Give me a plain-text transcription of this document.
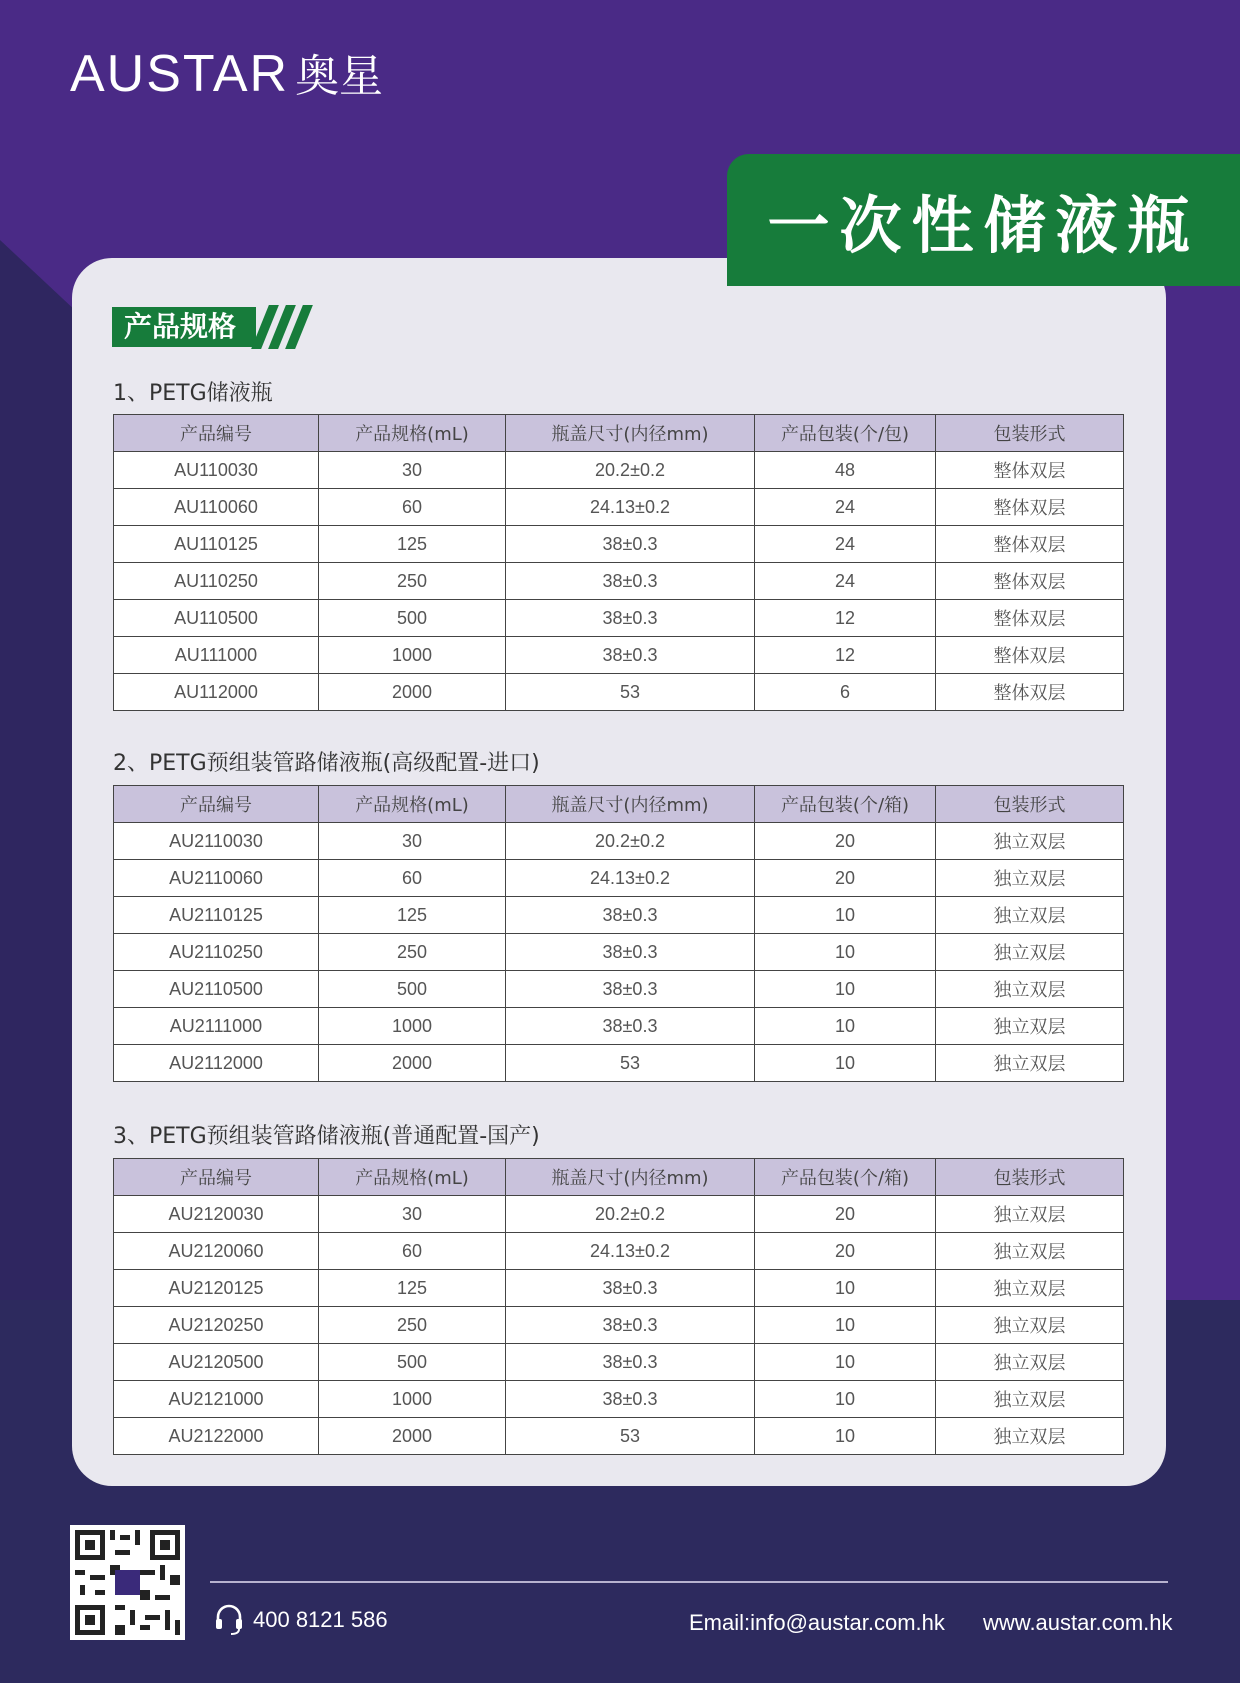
AUSTAR 奥星
一次性储液瓶
产品规格
1、PETG储液瓶
产品编号	产品规格(mL)	瓶盖尺寸(内径mm)	产品包装(个/包)	包装形式
AU110030	30	20.2±0.2	48	整体双层
AU110060	60	24.13±0.2	24	整体双层
AU110125	125	38±0.3	24	整体双层
AU110250	250	38±0.3	24	整体双层
AU110500	500	38±0.3	12	整体双层
AU111000	1000	38±0.3	12	整体双层
AU112000	2000	53	6	整体双层
2、PETG预组装管路储液瓶(高级配置-进口)
产品编号	产品规格(mL)	瓶盖尺寸(内径mm)	产品包装(个/箱)	包装形式
AU2110030	30	20.2±0.2	20	独立双层
AU2110060	60	24.13±0.2	20	独立双层
AU2110125	125	38±0.3	10	独立双层
AU2110250	250	38±0.3	10	独立双层
AU2110500	500	38±0.3	10	独立双层
AU2111000	1000	38±0.3	10	独立双层
AU2112000	2000	53	10	独立双层
3、PETG预组装管路储液瓶(普通配置-国产)
产品编号	产品规格(mL)	瓶盖尺寸(内径mm)	产品包装(个/箱)	包装形式
AU2120030	30	20.2±0.2	20	独立双层
AU2120060	60	24.13±0.2	20	独立双层
AU2120125	125	38±0.3	10	独立双层
AU2120250	250	38±0.3	10	独立双层
AU2120500	500	38±0.3	10	独立双层
AU2121000	1000	38±0.3	10	独立双层
AU2122000	2000	53	10	独立双层
400 8121 586	Email:info@austar.com.hk www.austar.com.hk
